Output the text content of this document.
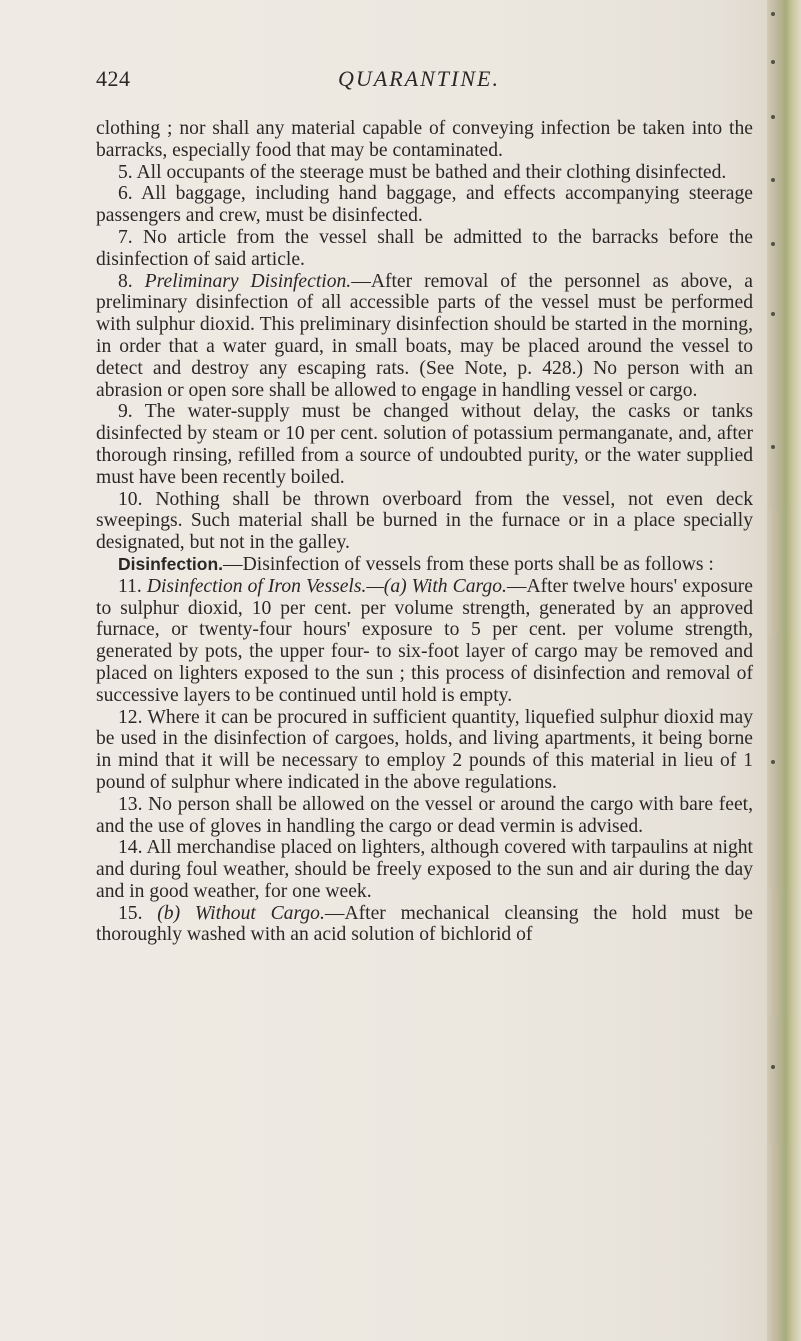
424	QUARANTINE.

clothing ; nor shall any material capable of conveying infection be taken into the barracks, especially food that may be contaminated.

5. All occupants of the steerage must be bathed and their clothing disinfected.

6. All baggage, including hand baggage, and effects accompanying steerage passengers and crew, must be disinfected.

7. No article from the vessel shall be admitted to the barracks before the disinfection of said article.

8. Preliminary Disinfection.—After removal of the personnel as above, a preliminary disinfection of all accessible parts of the vessel must be performed with sulphur dioxid. This preliminary disinfection should be started in the morning, in order that a water guard, in small boats, may be placed around the vessel to detect and destroy any escaping rats. (See Note, p. 428.) No person with an abrasion or open sore shall be allowed to engage in handling vessel or cargo.

9. The water-supply must be changed without delay, the casks or tanks disinfected by steam or 10 per cent. solution of potassium permanganate, and, after thorough rinsing, refilled from a source of undoubted purity, or the water supplied must have been recently boiled.

10. Nothing shall be thrown overboard from the vessel, not even deck sweepings. Such material shall be burned in the furnace or in a place specially designated, but not in the galley.

Disinfection.—Disinfection of vessels from these ports shall be as follows :

11. Disinfection of Iron Vessels.—(a) With Cargo.—After twelve hours' exposure to sulphur dioxid, 10 per cent. per volume strength, generated by an approved furnace, or twenty-four hours' exposure to 5 per cent. per volume strength, generated by pots, the upper four- to six-foot layer of cargo may be removed and placed on lighters exposed to the sun ; this process of disinfection and removal of successive layers to be continued until hold is empty.

12. Where it can be procured in sufficient quantity, liquefied sulphur dioxid may be used in the disinfection of cargoes, holds, and living apartments, it being borne in mind that it will be necessary to employ 2 pounds of this material in lieu of 1 pound of sulphur where indicated in the above regulations.

13. No person shall be allowed on the vessel or around the cargo with bare feet, and the use of gloves in handling the cargo or dead vermin is advised.

14. All merchandise placed on lighters, although covered with tarpaulins at night and during foul weather, should be freely exposed to the sun and air during the day and in good weather, for one week.

15. (b) Without Cargo.—After mechanical cleansing the hold must be thoroughly washed with an acid solution of bichlorid of
